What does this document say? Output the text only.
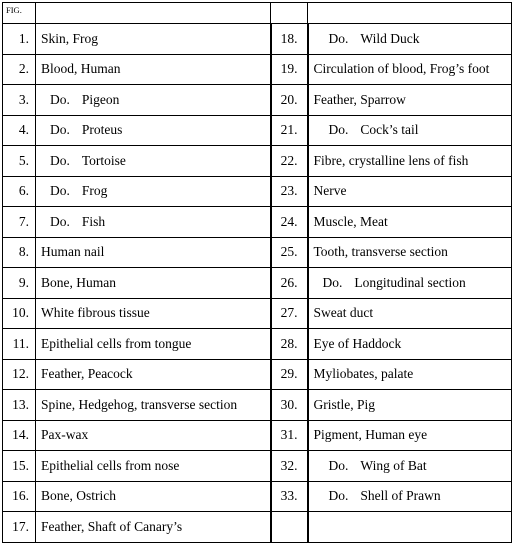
FIG.			
1.	Skin, Frog	18.	Do. Wild Duck
2.	Blood, Human	19.	Circulation of blood, Frog’s foot
3.	Do. Pigeon	20.	Feather, Sparrow
4.	Do. Proteus	21.	Do. Cock’s tail
5.	Do. Tortoise	22.	Fibre, crystalline lens of fish
6.	Do. Frog	23.	Nerve
7.	Do. Fish	24.	Muscle, Meat
8.	Human nail	25.	Tooth, transverse section
9.	Bone, Human	26.	Do. Longitudinal section
10.	White fibrous tissue	27.	Sweat duct
11.	Epithelial cells from tongue	28.	Eye of Haddock
12.	Feather, Peacock	29.	Myliobates, palate
13.	Spine, Hedgehog, transverse section	30.	Gristle, Pig
14.	Pax-wax	31.	Pigment, Human eye
15.	Epithelial cells from nose	32.	Do. Wing of Bat
16.	Bone, Ostrich	33.	Do. Shell of Prawn
17.	Feather, Shaft of Canary’s		
